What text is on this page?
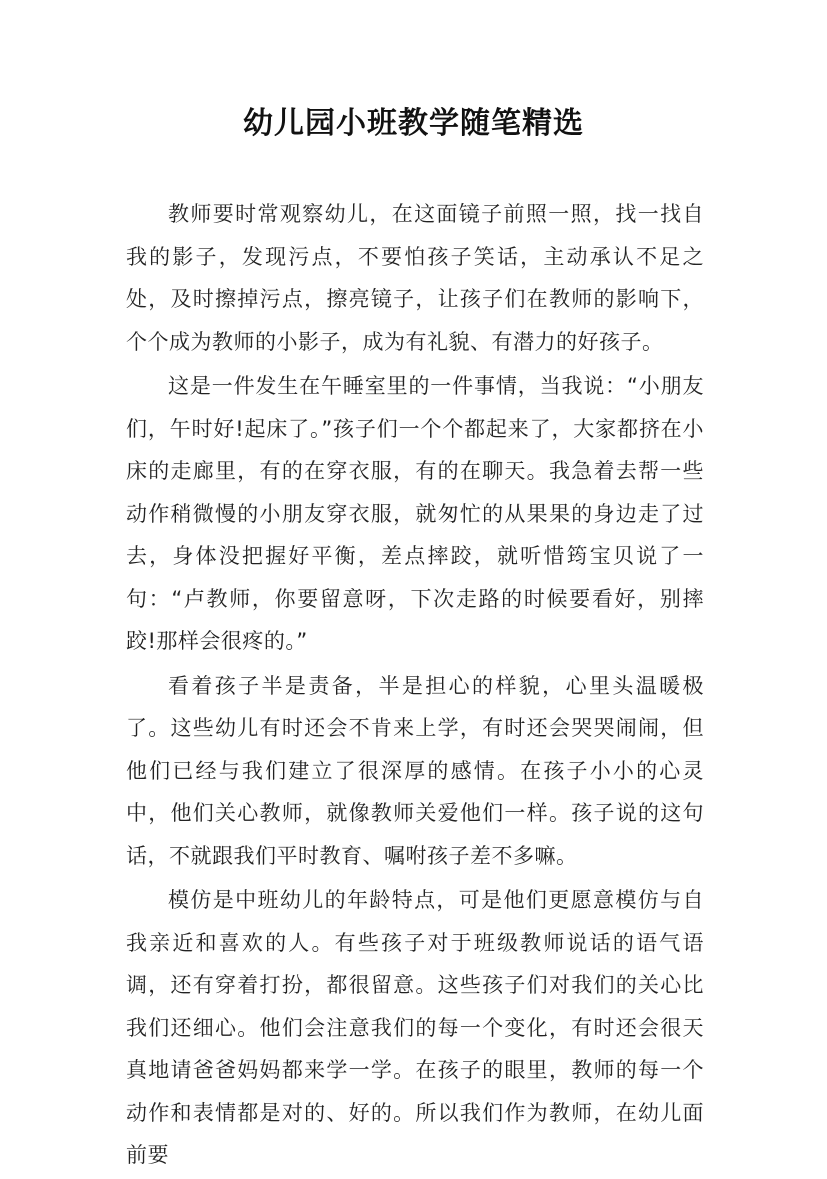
幼儿园小班教学随笔精选

教师要时常观察幼儿，在这面镜子前照一照，找一找自我的影子，发现污点，不要怕孩子笑话，主动承认不足之处，及时擦掉污点，擦亮镜子，让孩子们在教师的影响下，个个成为教师的小影子，成为有礼貌、有潜力的好孩子。

这是一件发生在午睡室里的一件事情，当我说：“小朋友们，午时好!起床了。”孩子们一个个都起来了，大家都挤在小床的走廊里，有的在穿衣服，有的在聊天。我急着去帮一些动作稍微慢的小朋友穿衣服，就匆忙的从果果的身边走了过去，身体没把握好平衡，差点摔跤，就听惜筠宝贝说了一句：“卢教师，你要留意呀，下次走路的时候要看好，别摔跤!那样会很疼的。”

看着孩子半是责备，半是担心的样貌，心里头温暖极了。这些幼儿有时还会不肯来上学，有时还会哭哭闹闹，但他们已经与我们建立了很深厚的感情。在孩子小小的心灵中，他们关心教师，就像教师关爱他们一样。孩子说的这句话，不就跟我们平时教育、嘱咐孩子差不多嘛。

模仿是中班幼儿的年龄特点，可是他们更愿意模仿与自我亲近和喜欢的人。有些孩子对于班级教师说话的语气语调，还有穿着打扮，都很留意。这些孩子们对我们的关心比我们还细心。他们会注意我们的每一个变化，有时还会很天真地请爸爸妈妈都来学一学。在孩子的眼里，教师的每一个动作和表情都是对的、好的。所以我们作为教师，在幼儿面前要
